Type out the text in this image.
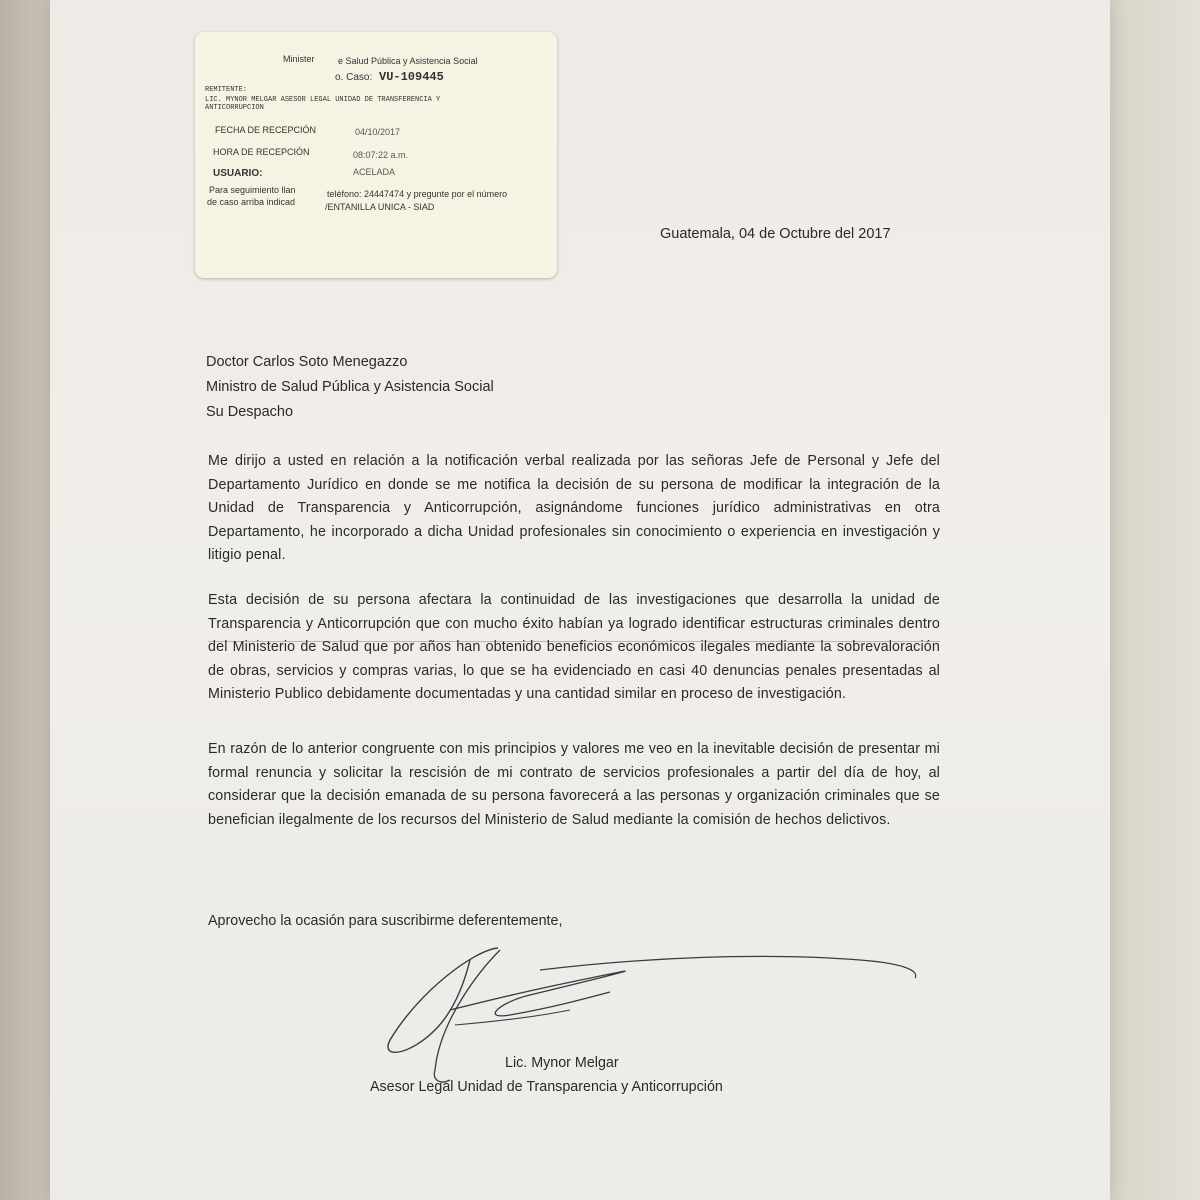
Minister	e Salud Pública y Asistencia Social
o. Caso: VU-109445
REMITENTE:
LIC. MYNOR MELGAR ASESOR LEGAL UNIDAD DE TRANSFERENCIA Y
ANTICORRUPCION
FECHA DE RECEPCIÓN	04/10/2017
HORA DE RECEPCIÓN	08:07:22 a.m.
USUARIO:	ACELADA
Para seguimiento llan
de caso arriba indicad
teléfono: 24447474 y pregunte por el número
/ENTANILLA UNICA - SIAD
Guatemala, 04 de Octubre del 2017
Doctor Carlos Soto Menegazzo
Ministro de Salud Pública y Asistencia Social
Su Despacho
Me dirijo a usted en relación a la notificación verbal realizada por las señoras Jefe de Personal y Jefe del Departamento Jurídico en donde se me notifica la decisión de su persona de modificar la integración de la Unidad de Transparencia y Anticorrupción, asignándome funciones jurídico administrativas en otra Departamento, he incorporado a dicha Unidad profesionales sin conocimiento o experiencia en investigación y litigio penal.
Esta decisión de su persona afectara la continuidad de las investigaciones que desarrolla la unidad de Transparencia y Anticorrupción que con mucho éxito habían ya logrado identificar estructuras criminales dentro del Ministerio de Salud que por años han obtenido beneficios económicos ilegales mediante la sobrevaloración de obras, servicios y compras varias, lo que se ha evidenciado en casi 40 denuncias penales presentadas al Ministerio Publico debidamente documentadas y una cantidad similar en proceso de investigación.
En razón de lo anterior congruente con mis principios y valores me veo en la inevitable decisión de presentar mi formal renuncia y solicitar la rescisión de mi contrato de servicios profesionales a partir del día de hoy, al considerar que la decisión emanada de su persona favorecerá a las personas y organización criminales que se benefician ilegalmente de los recursos del Ministerio de Salud mediante la comisión de hechos delictivos.
Aprovecho la ocasión para suscribirme deferentemente,
Lic. Mynor Melgar
Asesor Legal Unidad de Transparencia y Anticorrupción
